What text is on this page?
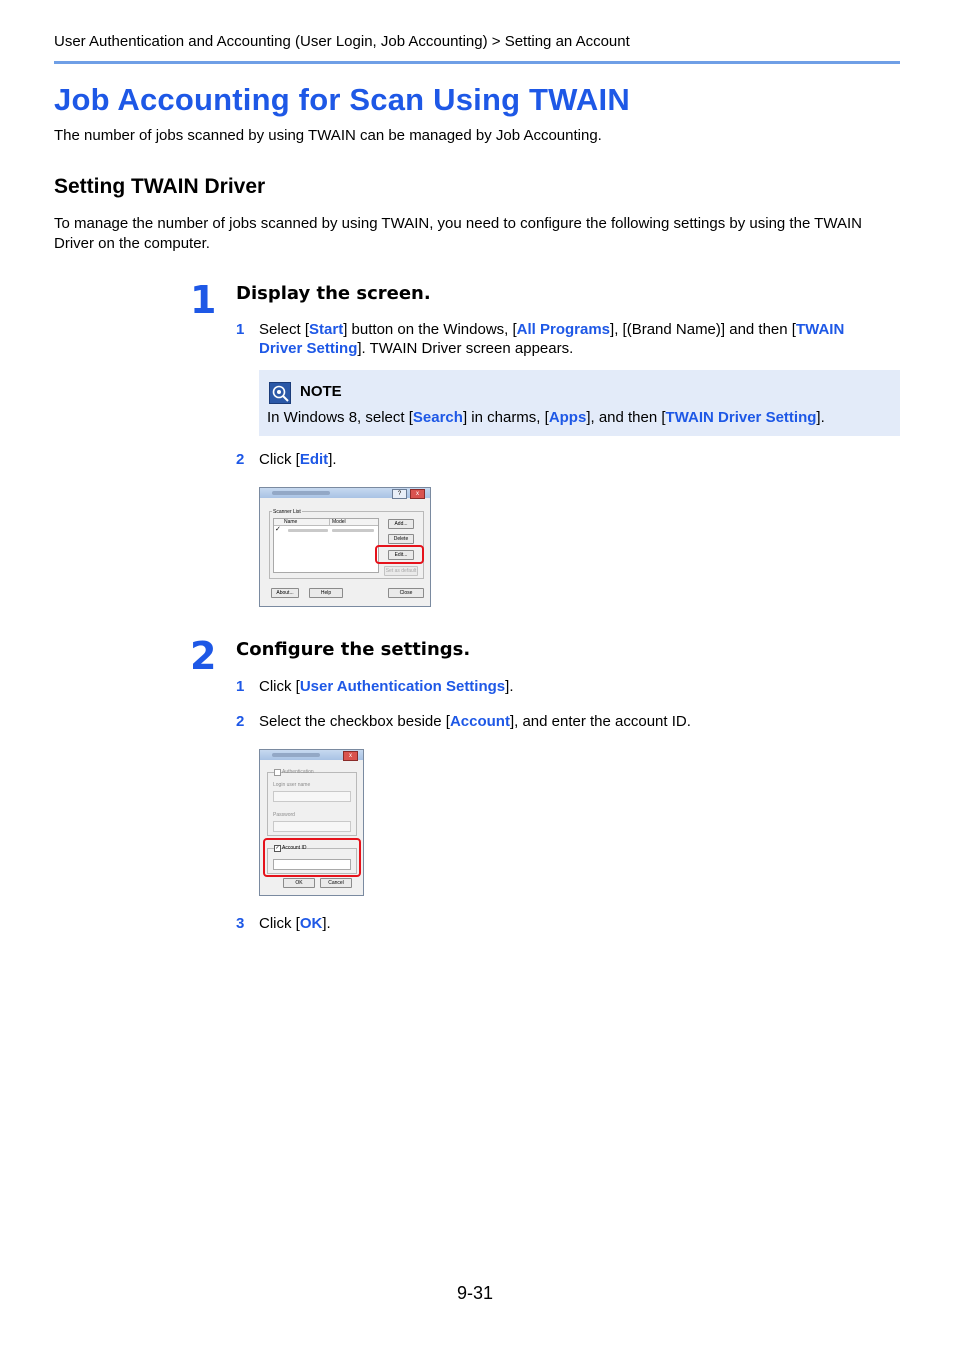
User Authentication and Accounting (User Login, Job Accounting) > Setting an Account
Job Accounting for Scan Using TWAIN
The number of jobs scanned by using TWAIN can be managed by Job Accounting.
Setting TWAIN Driver
To manage the number of jobs scanned by using TWAIN, you need to configure the following settings by using the TWAIN Driver on the computer.
1 Display the screen.
1 Select [Start] button on the Windows, [All Programs], [(Brand Name)] and then [TWAIN
Driver Setting]. TWAIN Driver screen appears.
NOTE
In Windows 8, select [Search] in charms, [Apps], and then [TWAIN Driver Setting].
2 Click [Edit].
?	x
Scanner List
Name	Model
✓
Add...
Delete
Edit...
Set as default
About...	Help	Close
2 Configure the settings.
1 Click [User Authentication Settings].
2 Select the checkbox beside [Account], and enter the account ID.
x
Authentication
Login user name
Password
✓ Account ID
OK	Cancel
3 Click [OK].
9-31
